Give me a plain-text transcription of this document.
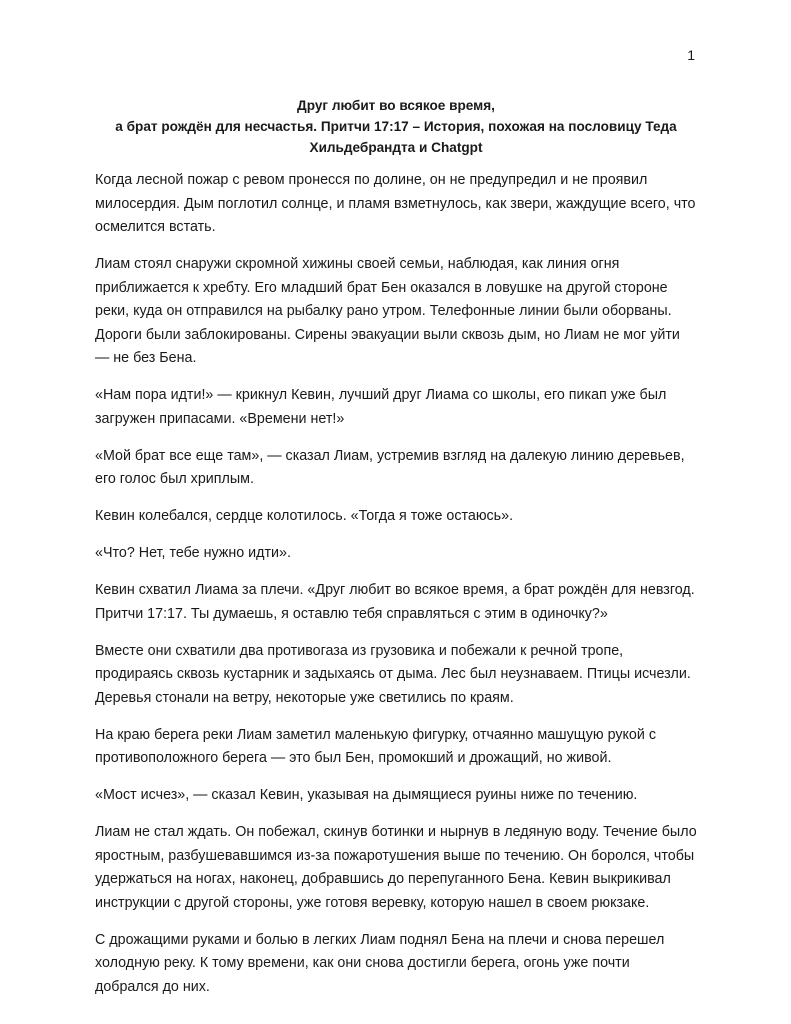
1
Друг любит во всякое время,
а брат рождён для несчастья. Притчи 17:17 – История, похожая на пословицу Теда
Хильдебрандта и Chatgpt

Когда лесной пожар с ревом пронесся по долине, он не предупредил и не проявил милосердия. Дым поглотил солнце, и пламя взметнулось, как звери, жаждущие всего, что осмелится встать.

Лиам стоял снаружи скромной хижины своей семьи, наблюдая, как линия огня приближается к хребту. Его младший брат Бен оказался в ловушке на другой стороне реки, куда он отправился на рыбалку рано утром. Телефонные линии были оборваны. Дороги были заблокированы. Сирены эвакуации выли сквозь дым, но Лиам не мог уйти — не без Бена.

«Нам пора идти!» — крикнул Кевин, лучший друг Лиама со школы, его пикап уже был загружен припасами. «Времени нет!»

«Мой брат все еще там», — сказал Лиам, устремив взгляд на далекую линию деревьев, его голос был хриплым.

Кевин колебался, сердце колотилось. «Тогда я тоже остаюсь».

«Что? Нет, тебе нужно идти».

Кевин схватил Лиама за плечи. «Друг любит во всякое время, а брат рождён для невзгод. Притчи 17:17. Ты думаешь, я оставлю тебя справляться с этим в одиночку?»

Вместе они схватили два противогаза из грузовика и побежали к речной тропе, продираясь сквозь кустарник и задыхаясь от дыма. Лес был неузнаваем. Птицы исчезли. Деревья стонали на ветру, некоторые уже светились по краям.

На краю берега реки Лиам заметил маленькую фигурку, отчаянно машущую рукой с противоположного берега — это был Бен, промокший и дрожащий, но живой.

«Мост исчез», — сказал Кевин, указывая на дымящиеся руины ниже по течению.

Лиам не стал ждать. Он побежал, скинув ботинки и нырнув в ледяную воду. Течение было яростным, разбушевавшимся из-за пожаротушения выше по течению. Он боролся, чтобы удержаться на ногах, наконец, добравшись до перепуганного Бена. Кевин выкрикивал инструкции с другой стороны, уже готовя веревку, которую нашел в своем рюкзаке.

С дрожащими руками и болью в легких Лиам поднял Бена на плечи и снова перешел холодную реку. К тому времени, как они снова достигли берега, огонь уже почти добрался до них.
